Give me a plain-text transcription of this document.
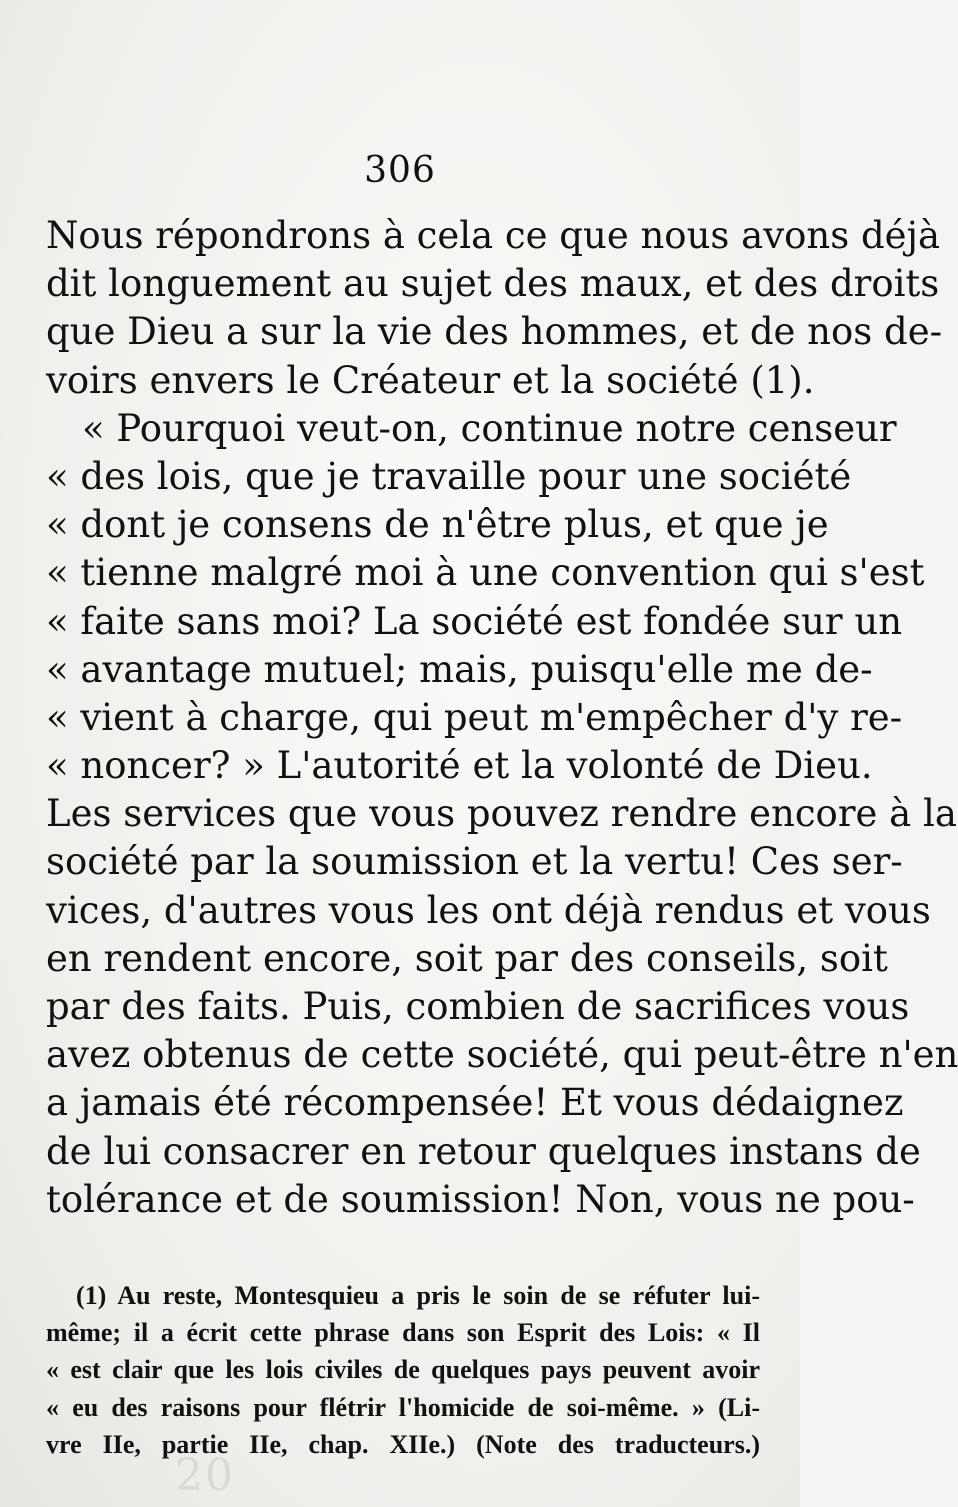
306
Nous répondrons à cela ce que nous avons déjà
dit longuement au sujet des maux, et des droits
que Dieu a sur la vie des hommes, et de nos de-
voirs envers le Créateur et la société (1).
« Pourquoi veut-on, continue notre censeur
« des lois, que je travaille pour une société
« dont je consens de n'être plus, et que je
« tienne malgré moi à une convention qui s'est
« faite sans moi? La société est fondée sur un
« avantage mutuel; mais, puisqu'elle me de-
« vient à charge, qui peut m'empêcher d'y re-
« noncer? » L'autorité et la volonté de Dieu.
Les services que vous pouvez rendre encore à la
société par la soumission et la vertu! Ces ser-
vices, d'autres vous les ont déjà rendus et vous
en rendent encore, soit par des conseils, soit
par des faits. Puis, combien de sacrifices vous
avez obtenus de cette société, qui peut-être n'en
a jamais été récompensée! Et vous dédaignez
de lui consacrer en retour quelques instans de
tolérance et de soumission! Non, vous ne pou-
(1) Au reste, Montesquieu a pris le soin de se réfuter lui-
même; il a écrit cette phrase dans son Esprit des Lois: « Il
« est clair que les lois civiles de quelques pays peuvent avoir
« eu des raisons pour flétrir l'homicide de soi-même. » (Li-
vre IIe, partie IIe, chap. XIIe.) (Note des traducteurs.)
20
